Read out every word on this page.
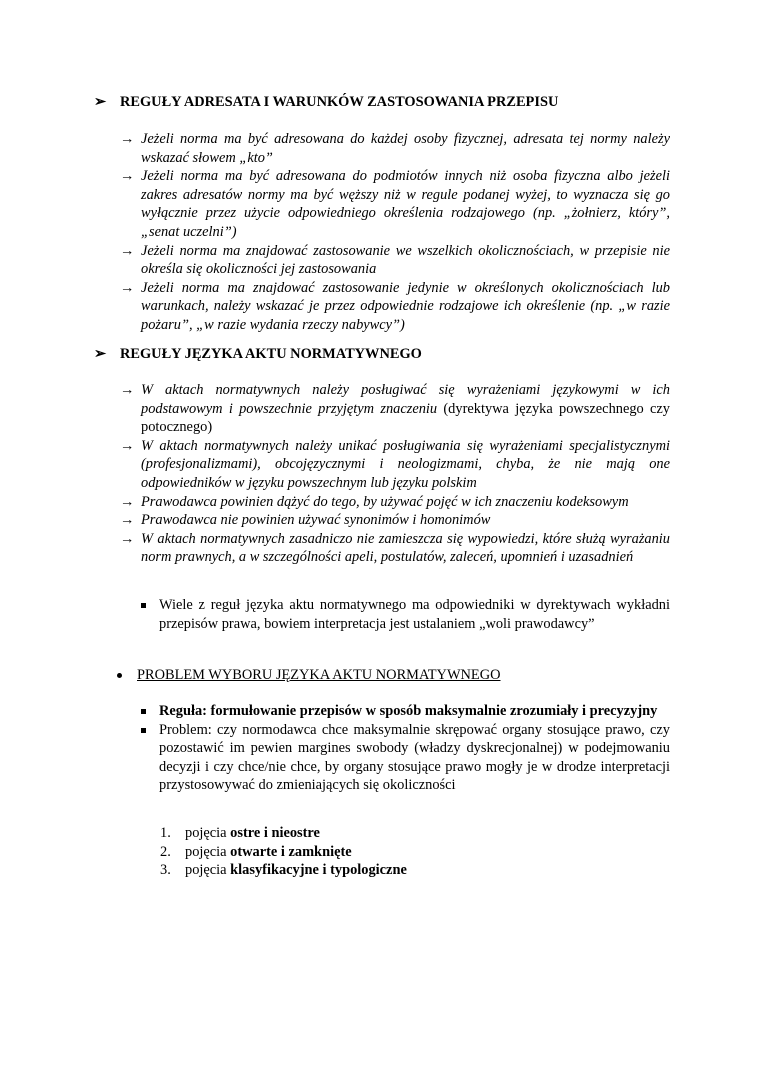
➢ REGUŁY ADRESATA I WARUNKÓW ZASTOSOWANIA PRZEPISU
→ Jeżeli norma ma być adresowana do każdej osoby fizycznej, adresata tej normy należy wskazać słowem „kto”
→ Jeżeli norma ma być adresowana do podmiotów innych niż osoba fizyczna albo jeżeli zakres adresatów normy ma być węższy niż w regule podanej wyżej, to wyznacza się go wyłącznie przez użycie odpowiedniego określenia rodzajowego (np. „żołnierz, który”, „senat uczelni”)
→ Jeżeli norma ma znajdować zastosowanie we wszelkich okolicznościach, w przepisie nie określa się okoliczności jej zastosowania
→ Jeżeli norma ma znajdować zastosowanie jedynie w określonych okolicznościach lub warunkach, należy wskazać je przez odpowiednie rodzajowe ich określenie (np. „w razie pożaru”, „w razie wydania rzeczy nabywcy”)
➢ REGUŁY JĘZYKA AKTU NORMATYWNEGO
→ W aktach normatywnych należy posługiwać się wyrażeniami językowymi w ich podstawowym i powszechnie przyjętym znaczeniu (dyrektywa języka powszechnego czy potocznego)
→ W aktach normatywnych należy unikać posługiwania się wyrażeniami specjalistycznymi (profesjonalizmami), obcojęzycznymi i neologizmami, chyba, że nie mają one odpowiedników w języku powszechnym lub języku polskim
→ Prawodawca powinien dążyć do tego, by używać pojęć w ich znaczeniu kodeksowym
→ Prawodawca nie powinien używać synonimów i homonimów
→ W aktach normatywnych zasadniczo nie zamieszcza się wypowiedzi, które służą wyrażaniu norm prawnych, a w szczególności apeli, postulatów, zaleceń, upomnień i uzasadnień
Wiele z reguł języka aktu normatywnego ma odpowiedniki w dyrektywach wykładni przepisów prawa, bowiem interpretacja jest ustalaniem „woli prawodawcy”
PROBLEM WYBORU JĘZYKA AKTU NORMATYWNEGO
Reguła: formułowanie przepisów w sposób maksymalnie zrozumiały i precyzyjny
Problem: czy normodawca chce maksymalnie skrępować organy stosujące prawo, czy pozostawić im pewien margines swobody (władzy dyskrecjonalnej) w podejmowaniu decyzji i czy chce/nie chce, by organy stosujące prawo mogły je w drodze interpretacji przystosowywać do zmieniających się okoliczności
1. pojęcia ostre i nieostre
2. pojęcia otwarte i zamknięte
3. pojęcia klasyfikacyjne i typologiczne
